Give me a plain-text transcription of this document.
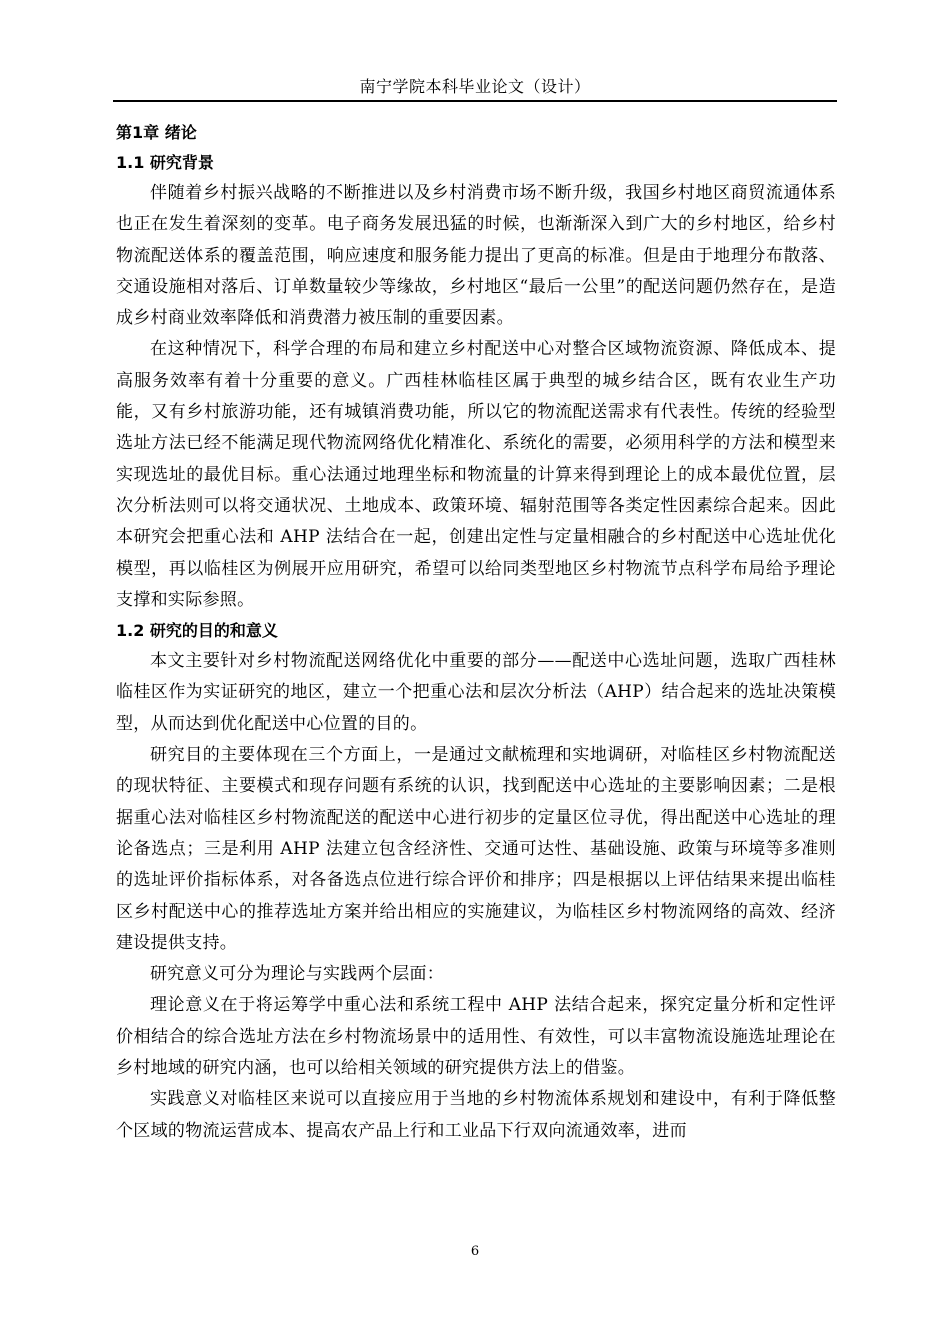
南宁学院本科毕业论文（设计）
第1章 绪论
1.1 研究背景

伴随着乡村振兴战略的不断推进以及乡村消费市场不断升级，我国乡村地区商贸流通体系也正在发生着深刻的变革。电子商务发展迅猛的时候，也渐渐深入到广大的乡村地区，给乡村物流配送体系的覆盖范围，响应速度和服务能力提出了更高的标准。但是由于地理分布散落、交通设施相对落后、订单数量较少等缘故，乡村地区“最后一公里”的配送问题仍然存在，是造成乡村商业效率降低和消费潜力被压制的重要因素。

在这种情况下，科学合理的布局和建立乡村配送中心对整合区域物流资源、降低成本、提高服务效率有着十分重要的意义。广西桂林临桂区属于典型的城乡结合区，既有农业生产功能，又有乡村旅游功能，还有城镇消费功能，所以它的物流配送需求有代表性。传统的经验型选址方法已经不能满足现代物流网络优化精准化、系统化的需要，必须用科学的方法和模型来实现选址的最优目标。重心法通过地理坐标和物流量的计算来得到理论上的成本最优位置，层次分析法则可以将交通状况、土地成本、政策环境、辐射范围等各类定性因素综合起来。因此本研究会把重心法和 AHP 法结合在一起，创建出定性与定量相融合的乡村配送中心选址优化模型，再以临桂区为例展开应用研究，希望可以给同类型地区乡村物流节点科学布局给予理论支撑和实际参照。

1.2 研究的目的和意义

本文主要针对乡村物流配送网络优化中重要的部分——配送中心选址问题，选取广西桂林临桂区作为实证研究的地区，建立一个把重心法和层次分析法（AHP）结合起来的选址决策模型，从而达到优化配送中心位置的目的。

研究目的主要体现在三个方面上，一是通过文献梳理和实地调研，对临桂区乡村物流配送的现状特征、主要模式和现存问题有系统的认识，找到配送中心选址的主要影响因素；二是根据重心法对临桂区乡村物流配送的配送中心进行初步的定量区位寻优，得出配送中心选址的理论备选点；三是利用 AHP 法建立包含经济性、交通可达性、基础设施、政策与环境等多准则的选址评价指标体系，对各备选点位进行综合评价和排序；四是根据以上评估结果来提出临桂区乡村配送中心的推荐选址方案并给出相应的实施建议，为临桂区乡村物流网络的高效、经济建设提供支持。

研究意义可分为理论与实践两个层面：

理论意义在于将运筹学中重心法和系统工程中 AHP 法结合起来，探究定量分析和定性评价相结合的综合选址方法在乡村物流场景中的适用性、有效性，可以丰富物流设施选址理论在乡村地域的研究内涵，也可以给相关领域的研究提供方法上的借鉴。

实践意义对临桂区来说可以直接应用于当地的乡村物流体系规划和建设中，有利于降低整个区域的物流运营成本、提高农产品上行和工业品下行双向流通效率，进而

6
